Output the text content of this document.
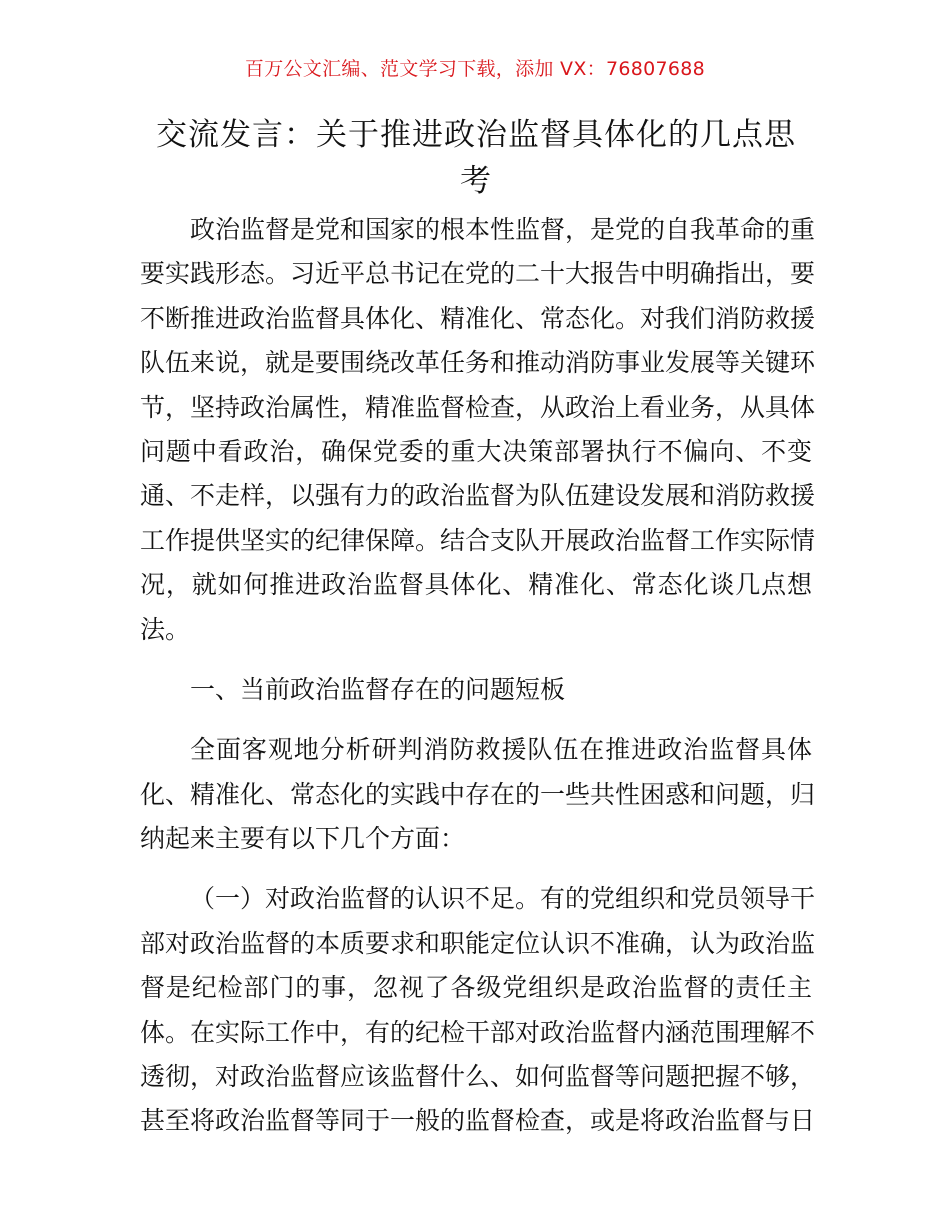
百万公文汇编、范文学习下载，添加 VX：76807688
交流发言：关于推进政治监督具体化的几点思
考
政治监督是党和国家的根本性监督，是党的自我革命的重
要实践形态。习近平总书记在党的二十大报告中明确指出，要
不断推进政治监督具体化、精准化、常态化。对我们消防救援
队伍来说，就是要围绕改革任务和推动消防事业发展等关键环
节，坚持政治属性，精准监督检查，从政治上看业务，从具体
问题中看政治，确保党委的重大决策部署执行不偏向、不变
通、不走样，以强有力的政治监督为队伍建设发展和消防救援
工作提供坚实的纪律保障。结合支队开展政治监督工作实际情
况，就如何推进政治监督具体化、精准化、常态化谈几点想
法。
一、当前政治监督存在的问题短板
全面客观地分析研判消防救援队伍在推进政治监督具体
化、精准化、常态化的实践中存在的一些共性困惑和问题，归
纳起来主要有以下几个方面：
（一）对政治监督的认识不足。有的党组织和党员领导干
部对政治监督的本质要求和职能定位认识不准确，认为政治监
督是纪检部门的事，忽视了各级党组织是政治监督的责任主
体。在实际工作中，有的纪检干部对政治监督内涵范围理解不
透彻，对政治监督应该监督什么、如何监督等问题把握不够，
甚至将政治监督等同于一般的监督检查，或是将政治监督与日
